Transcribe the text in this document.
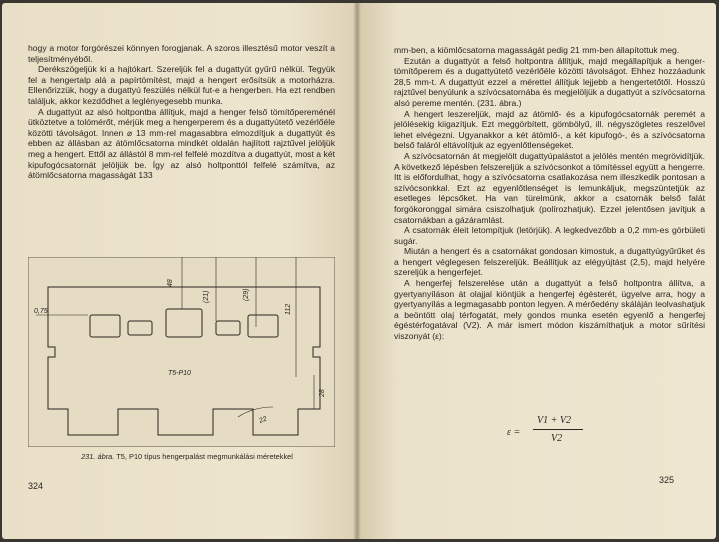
hogy a motor forgórészei könnyen forogjanak. A szoros illesztésű motor veszít a teljesítményéből.

Derékszögeljük ki a hajtókart. Szereljük fel a dugattyút gyűrű nélkül. Tegyük fel a hengertalp alá a papírtömítést, majd a hengert erősítsük a motorházra. Ellenőrizzük, hogy a dugattyú feszülés nélkül fut-e a hengerben. Ha ezt rendben találjuk, akkor kezdődhet a leglényegesebb munka.

A dugattyút az alsó holtpontba állítjuk, majd a henger felső tömítőpereménél ütköztetve a tolómérőt, mérjük meg a hengerperem és a dugattyútető vezérlőéle közötti távolságot. Innen ⌀ 13 mm-rel magasabbra elmozdítjuk a dugattyút és ebben az állásban az átömlőcsatorna mindkét oldalán hajlított rajztűvel jelöljük meg a hengert. Ettől az állástól 8 mm-rel felfelé mozdítva a dugattyút, most a két kipufogócsatornát jelöljük be. Így az alsó holtponttól felfelé számítva, az átömlőcsatorna magasságát 133

48
(21)	(29)
112
0,75
28
22
T5-P10
231. ábra. T5, P10 típus hengerpalást megmunkálási méretekkel
324

mm-ben, a kiömlőcsatorna magasságát pedig 21 mm-ben állapítottuk meg.

Ezután a dugattyút a felső holtpontra állítjuk, majd megállapítjuk a henger-tömítőperem és a dugattyútető vezérlőéle közötti távolságot. Ehhez hozzáadunk 28,5 mm-t. A dugattyút ezzel a mérettel állítjuk lejjebb a hengertetőtől. Hosszú rajztűvel benyúlunk a szívócsatornába és megjelöljük a dugattyút a szívócsatorna alsó pereme mentén. (231. ábra.)

A hengert leszereljük, majd az átömlő- és a kipufogócsatornák peremét a jelölésekig kiigazítjuk. Ezt meggörbített, gömbölyű, ill. négyszögletes reszelővel lehet elvégezni. Ugyanakkor a két átömlő-, a két kipufogó-, és a szívócsatorna belső faláról eltávolítjuk az egyenlőtlenségeket.

A szívócsatornán át megjelölt dugattyúpalástot a jelölés mentén megrövidítjük. A következő lépésben felszereljük a szívócsonkot a tömítéssel együtt a hengerre. Itt is előfordulhat, hogy a szívócsatorna csatlakozása nem illeszkedik pontosan a szívócsonkkal. Ezt az egyenlőtlenséget is lemunkáljuk, megszüntetjük az esetleges lépcsőket. Ha van türelmünk, akkor a csatornák belső falát forgókoronggal simára csiszolhatjuk (polírozhatjuk). Ezzel jelentősen javítjuk a csatornákban a gázáramlást.

A csatornák éleit letompítjuk (letörjük). A legkedvezőbb a 0,2 mm-es görbületi sugár.

Miután a hengert és a csatornákat gondosan kimostuk, a dugattyúgyűrűket és a hengert véglegesen felszereljük. Beállítjuk az elégyújtást (2,5), majd helyére szereljük a hengerfejet.

A hengerfej felszerelése után a dugattyút a felső holtpontra állítva, a gyertyanyíláson át olajjal kiöntjük a hengerfej égésterét, ügyelve arra, hogy a gyertyanyílás a legmagasabb ponton legyen. A mérőedény skáláján leolvashatjuk a beöntött olaj térfogatát, mely gondos munka esetén egyenlő a hengerfej égéstérfogatával (V2). A már ismert módon kiszámíthatjuk a motor sűrítési viszonyát (ε):

ε =
V1 + V2
V2
325
